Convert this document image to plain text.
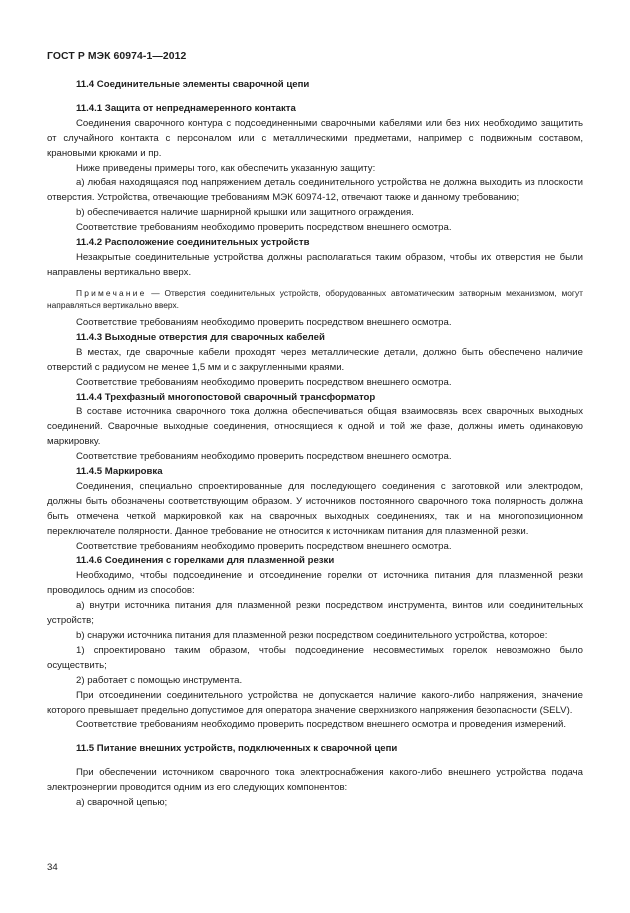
ГОСТ Р МЭК 60974-1—2012

11.4 Соединительные элементы сварочной цепи

11.4.1 Защита от непреднамеренного контакта

Соединения сварочного контура с подсоединенными сварочными кабелями или без них необходимо защитить от случайного контакта с персоналом или с металлическими предметами, например с подвижным составом, крановыми крюками и пр.

Ниже приведены примеры того, как обеспечить указанную защиту:

a) любая находящаяся под напряжением деталь соединительного устройства не должна выходить из плоскости отверстия. Устройства, отвечающие требованиям МЭК 60974-12, отвечают также и данному требованию;

b) обеспечивается наличие шарнирной крышки или защитного ограждения.

Соответствие требованиям необходимо проверить посредством внешнего осмотра.

11.4.2 Расположение соединительных устройств

Незакрытые соединительные устройства должны располагаться таким образом, чтобы их отверстия не были направлены вертикально вверх.

Примечание — Отверстия соединительных устройств, оборудованных автоматическим затворным механизмом, могут направляться вертикально вверх.

Соответствие требованиям необходимо проверить посредством внешнего осмотра.

11.4.3 Выходные отверстия для сварочных кабелей

В местах, где сварочные кабели проходят через металлические детали, должно быть обеспечено наличие отверстий с радиусом не менее 1,5 мм и с закругленными краями.

Соответствие требованиям необходимо проверить посредством внешнего осмотра.

11.4.4 Трехфазный многопостовой сварочный трансформатор

В составе источника сварочного тока должна обеспечиваться общая взаимосвязь всех сварочных выходных соединений. Сварочные выходные соединения, относящиеся к одной и той же фазе, должны иметь одинаковую маркировку.

Соответствие требованиям необходимо проверить посредством внешнего осмотра.

11.4.5 Маркировка

Соединения, специально спроектированные для последующего соединения с заготовкой или электродом, должны быть обозначены соответствующим образом. У источников постоянного сварочного тока полярность должна быть отмечена четкой маркировкой как на сварочных выходных соединениях, так и на многопозиционном переключателе полярности. Данное требование не относится к источникам питания для плазменной резки.

Соответствие требованиям необходимо проверить посредством внешнего осмотра.

11.4.6 Соединения с горелками для плазменной резки

Необходимо, чтобы подсоединение и отсоединение горелки от источника питания для плазменной резки проводилось одним из способов:

a) внутри источника питания для плазменной резки посредством инструмента, винтов или соединительных устройств;

b) снаружи источника питания для плазменной резки посредством соединительного устройства, которое:

1) спроектировано таким образом, чтобы подсоединение несовместимых горелок невозможно было осуществить;

2) работает с помощью инструмента.

При отсоединении соединительного устройства не допускается наличие какого-либо напряжения, значение которого превышает предельно допустимое для оператора значение сверхнизкого напряжения безопасности (SELV).

Соответствие требованиям необходимо проверить посредством внешнего осмотра и проведения измерений.

11.5 Питание внешних устройств, подключенных к сварочной цепи

При обеспечении источником сварочного тока электроснабжения какого-либо внешнего устройства подача электроэнергии проводится одним из его следующих компонентов:

а) сварочной цепью;

34
